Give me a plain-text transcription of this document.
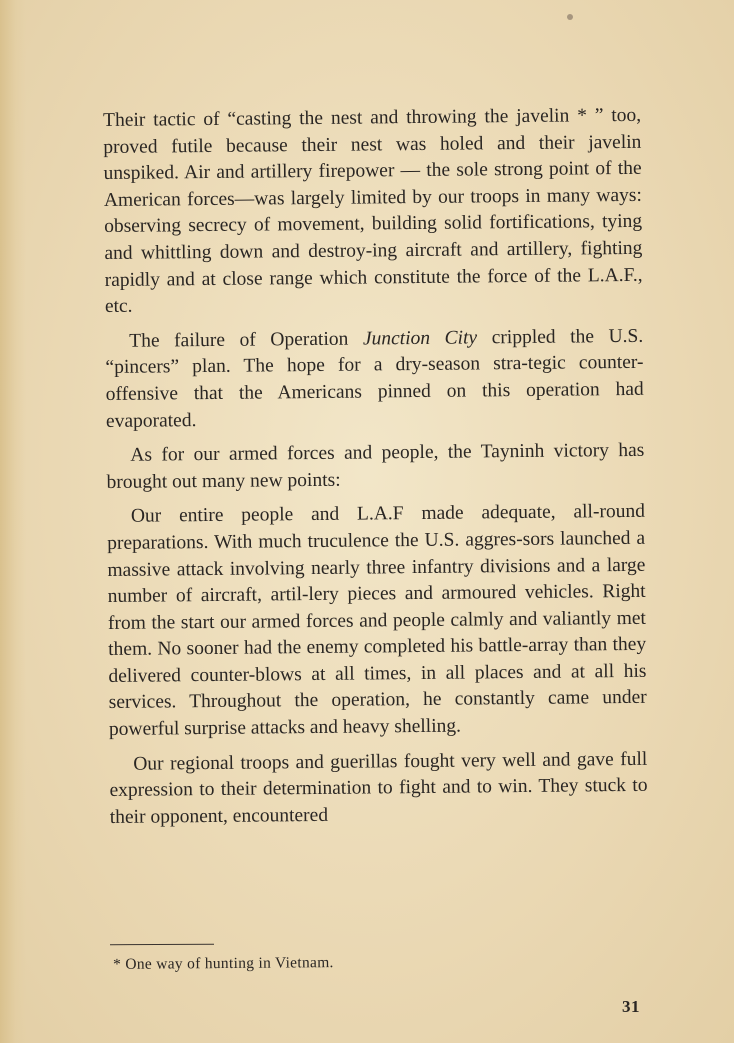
Their tactic of “casting the nest and throwing the javelin * ” too, proved futile because their nest was holed and their javelin unspiked. Air and artillery firepower — the sole strong point of the American forces—was largely limited by our troops in many ways: observing secrecy of movement, building solid fortifications, tying and whittling down and destroy-ing aircraft and artillery, fighting rapidly and at close range which constitute the force of the L.A.F., etc.

The failure of Operation Junction City crippled the U.S. “pincers” plan. The hope for a dry-season stra-tegic counter-offensive that the Americans pinned on this operation had evaporated.

As for our armed forces and people, the Tayninh victory has brought out many new points:

Our entire people and L.A.F made adequate, all-round preparations. With much truculence the U.S. aggres-sors launched a massive attack involving nearly three infantry divisions and a large number of aircraft, artil-lery pieces and armoured vehicles. Right from the start our armed forces and people calmly and valiantly met them. No sooner had the enemy completed his battle-array than they delivered counter-blows at all times, in all places and at all his services. Throughout the operation, he constantly came under powerful surprise attacks and heavy shelling.

Our regional troops and guerillas fought very well and gave full expression to their determination to fight and to win. They stuck to their opponent, encountered

* One way of hunting in Vietnam.
31
